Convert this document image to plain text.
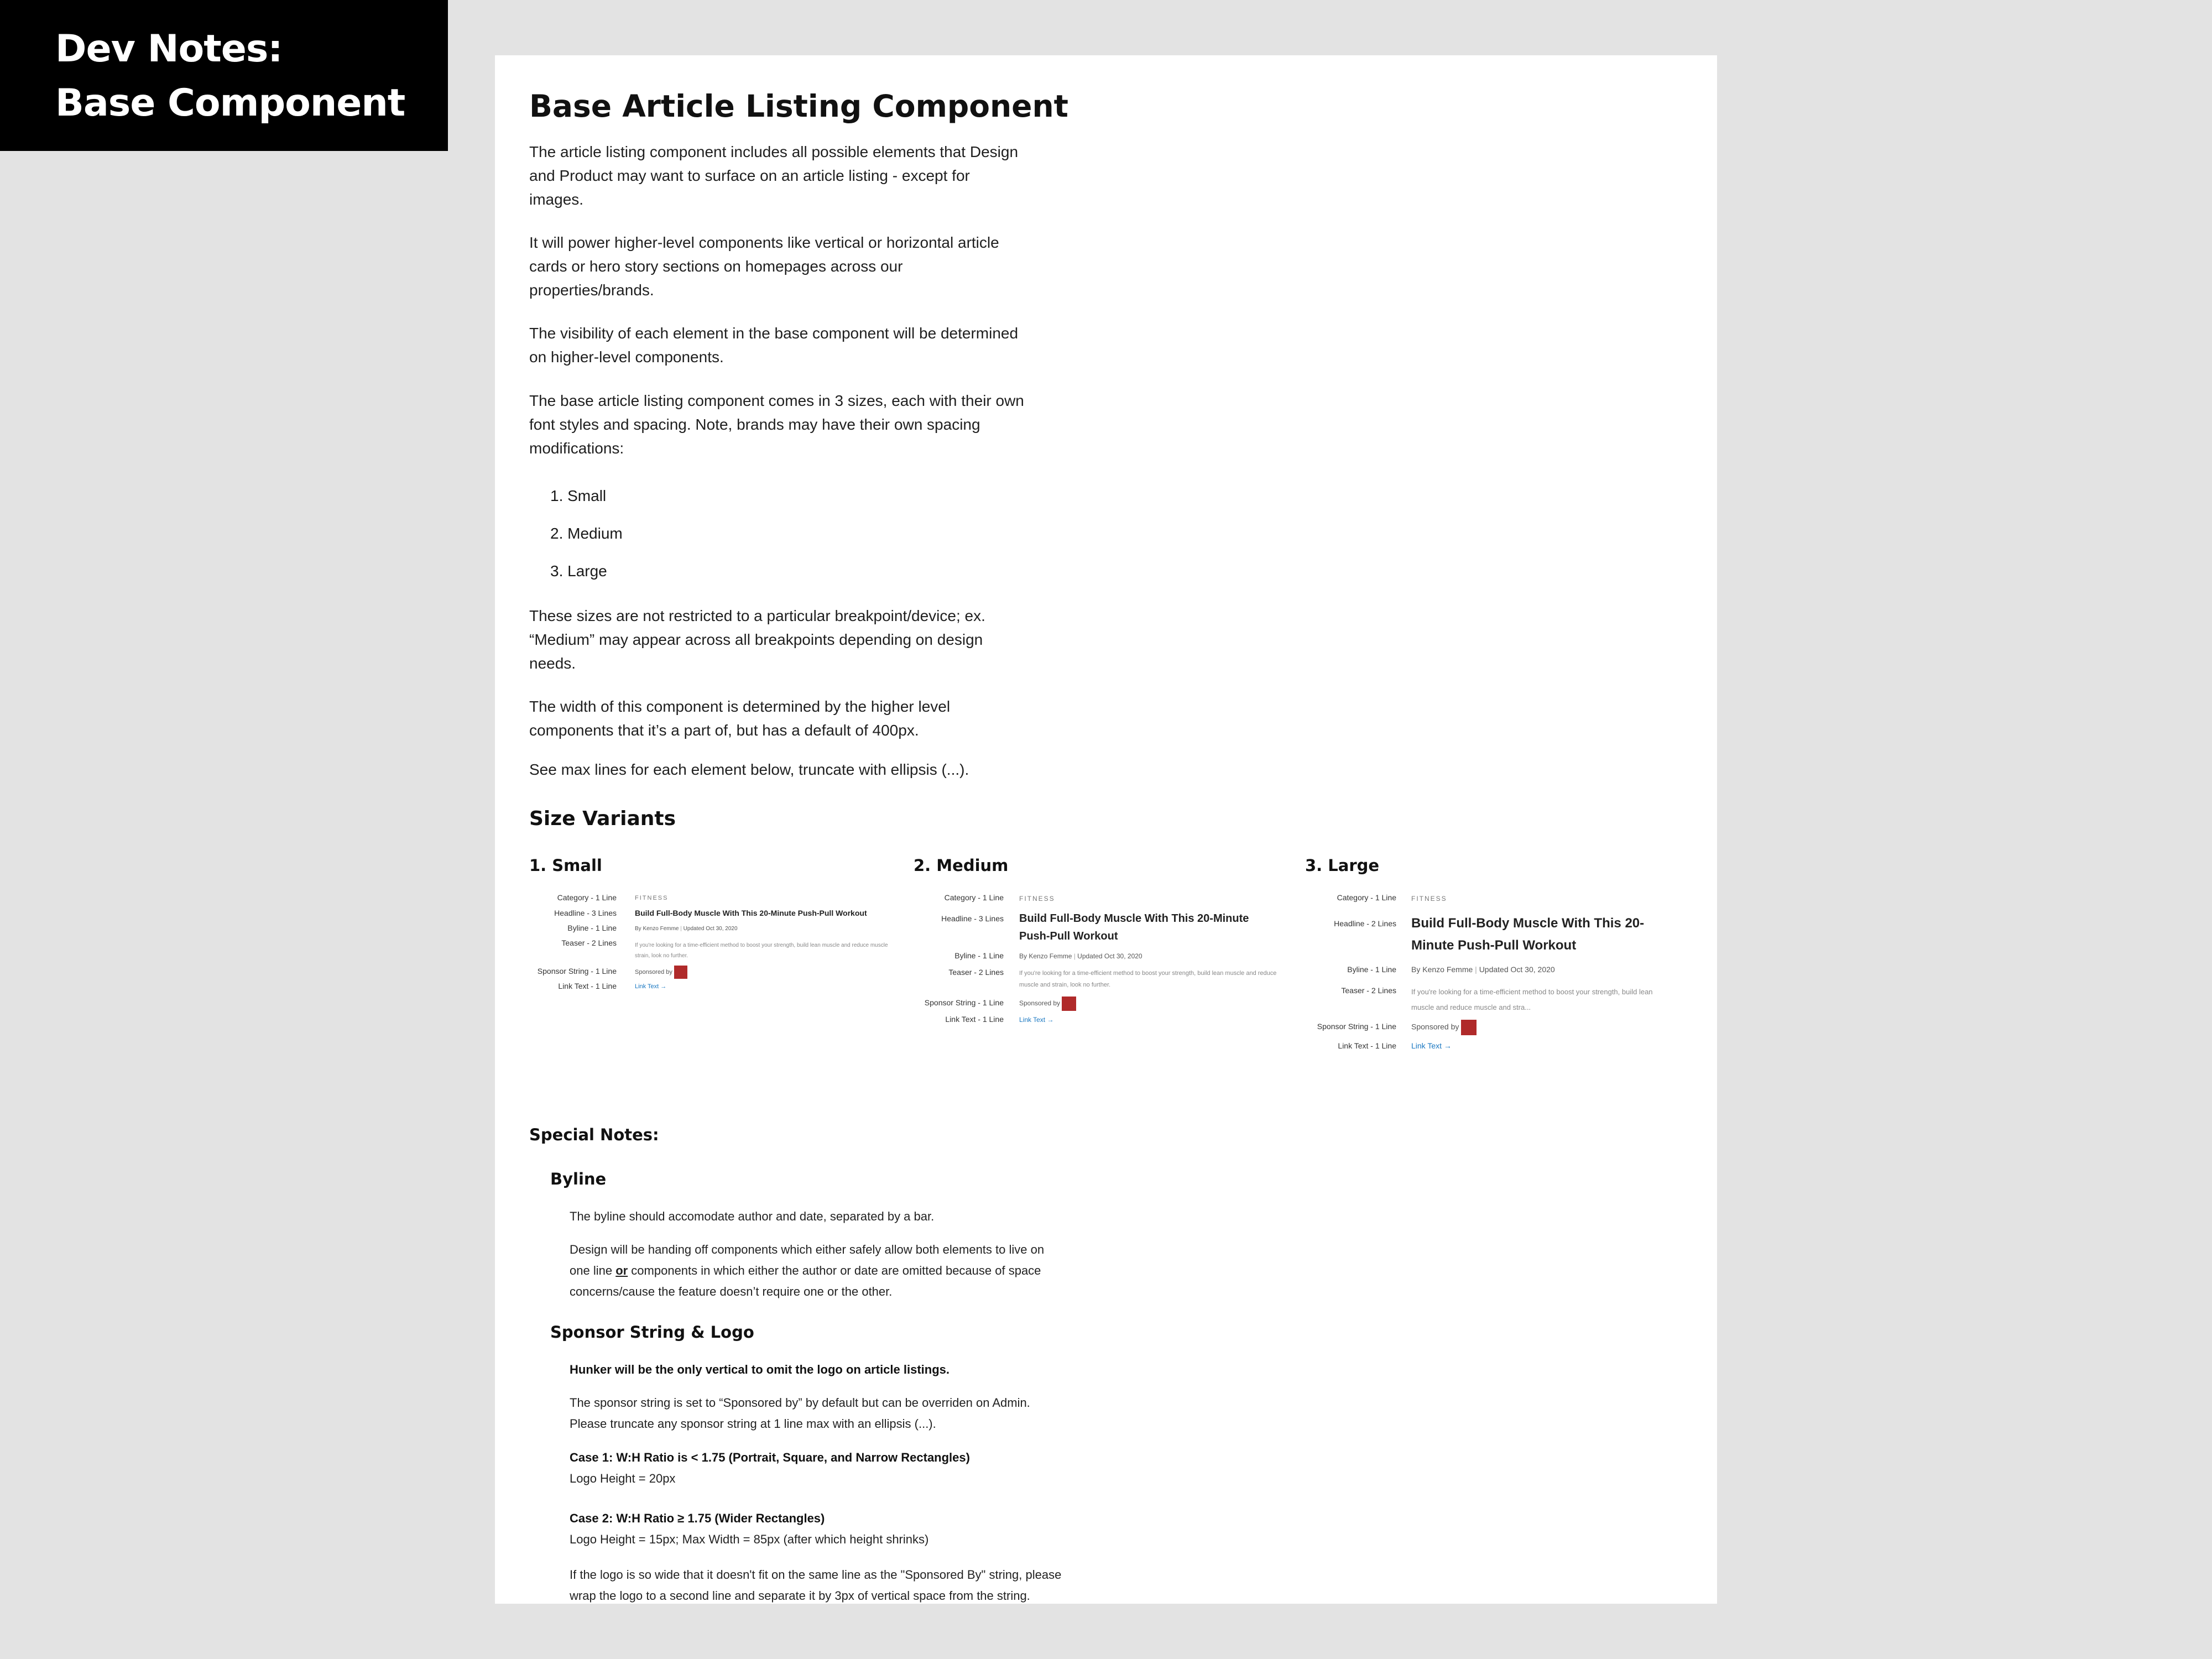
Dev Notes:
Base Component	Base Article Listing Component

The article listing component includes all possible elements that Design and Product may want to surface on an article listing - except for images.

It will power higher-level components like vertical or horizontal article cards or hero story sections on homepages across our properties/brands.

The visibility of each element in the base component will be determined on higher-level components.

The base article listing component comes in 3 sizes, each with their own font styles and spacing. Note, brands may have their own spacing modifications:

1. Small
2. Medium
3. Large

These sizes are not restricted to a particular breakpoint/device; ex. “Medium” may appear across all breakpoints depending on design needs.

The width of this component is determined by the higher level components that it’s a part of, but has a default of 400px.

See max lines for each element below, truncate with ellipsis (...).

Size Variants
1. Small
Category - 1 Line
Headline - 3 Lines
Byline - 1 Line
Teaser - 2 Lines
Sponsor String - 1 Line
Link Text - 1 Line
FITNESS
Build Full-Body Muscle With This 20-Minute Push-Pull Workout
By Kenzo Femme | Updated Oct 30, 2020
If you're looking for a time-efficient method to boost your strength, build lean muscle and reduce muscle strain, look no further.
Sponsored by
Link Text →
2. Medium
Category - 1 Line
Headline - 3 Lines
Byline - 1 Line
Teaser - 2 Lines
Sponsor String - 1 Line
Link Text - 1 Line
FITNESS
Build Full-Body Muscle With This 20-Minute Push-Pull Workout
By Kenzo Femme | Updated Oct 30, 2020
If you're looking for a time-efficient method to boost your strength, build lean muscle and reduce muscle and strain, look no further.
Sponsored by
Link Text →
3. Large
Category - 1 Line
Headline - 2 Lines
Byline - 1 Line
Teaser - 2 Lines
Sponsor String - 1 Line
Link Text - 1 Line
FITNESS
Build Full-Body Muscle With This 20-Minute Push-Pull Workout
By Kenzo Femme | Updated Oct 30, 2020
If you're looking for a time-efficient method to boost your strength, build lean muscle and reduce muscle and stra...
Sponsored by
Link Text →
Special Notes:
Byline

The byline should accomodate author and date, separated by a bar.

Design will be handing off components which either safely allow both elements to live on one line or components in which either the author or date are omitted because of space concerns/cause the feature doesn’t require one or the other.

Sponsor String & Logo

Hunker will be the only vertical to omit the logo on article listings.

The sponsor string is set to “Sponsored by” by default but can be overriden on Admin. Please truncate any sponsor string at 1 line max with an ellipsis (...).

Case 1: W:H Ratio is < 1.75 (Portrait, Square, and Narrow Rectangles)

Logo Height = 20px

Case 2: W:H Ratio ≥ 1.75 (Wider Rectangles)

Logo Height = 15px; Max Width = 85px (after which height shrinks)

If the logo is so wide that it doesn't fit on the same line as the "Sponsored By" string, please wrap the logo to a second line and separate it by 3px of vertical space from the string.
